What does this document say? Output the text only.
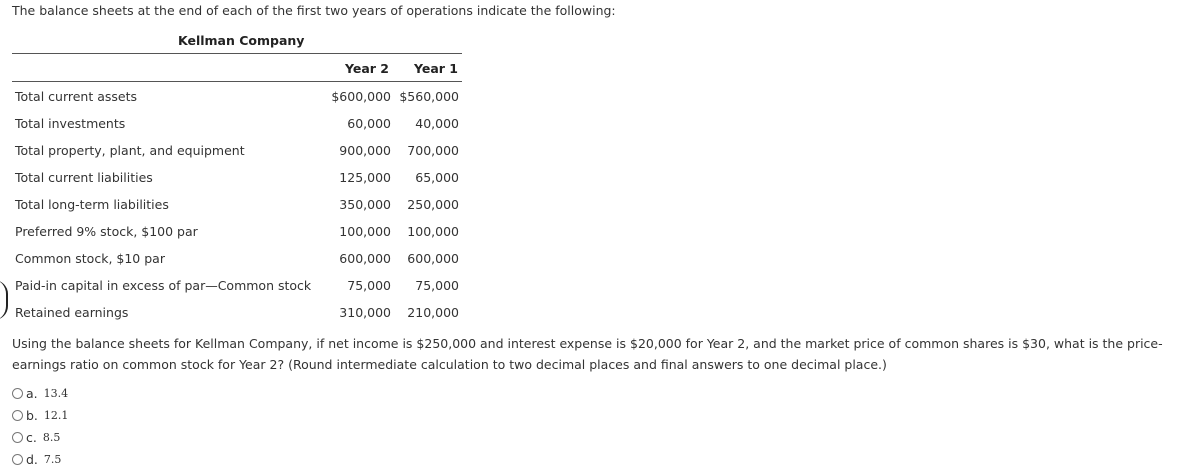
The balance sheets at the end of each of the first two years of operations indicate the following:
Kellman Company
Year 2	Year 1
Total current assets	$600,000 $560,000
Total investments	60,000 40,000
Total property, plant, and equipment	900,000 700,000
Total current liabilities	125,000 65,000
Total long-term liabilities	350,000 250,000
Preferred 9% stock, $100 par	100,000 100,000
Common stock, $10 par	600,000 600,000
Paid-in capital in excess of par—Common stock	75,000 75,000
Retained earnings	310,000 210,000
Using the balance sheets for Kellman Company, if net income is $250,000 and interest expense is $20,000 for Year 2, and the market price of common shares is $30, what is the price-earnings ratio on common stock for Year 2? (Round intermediate calculation to two decimal places and final answers to one decimal place.)
a. 13.4
b. 12.1
c. 8.5
d. 7.5
